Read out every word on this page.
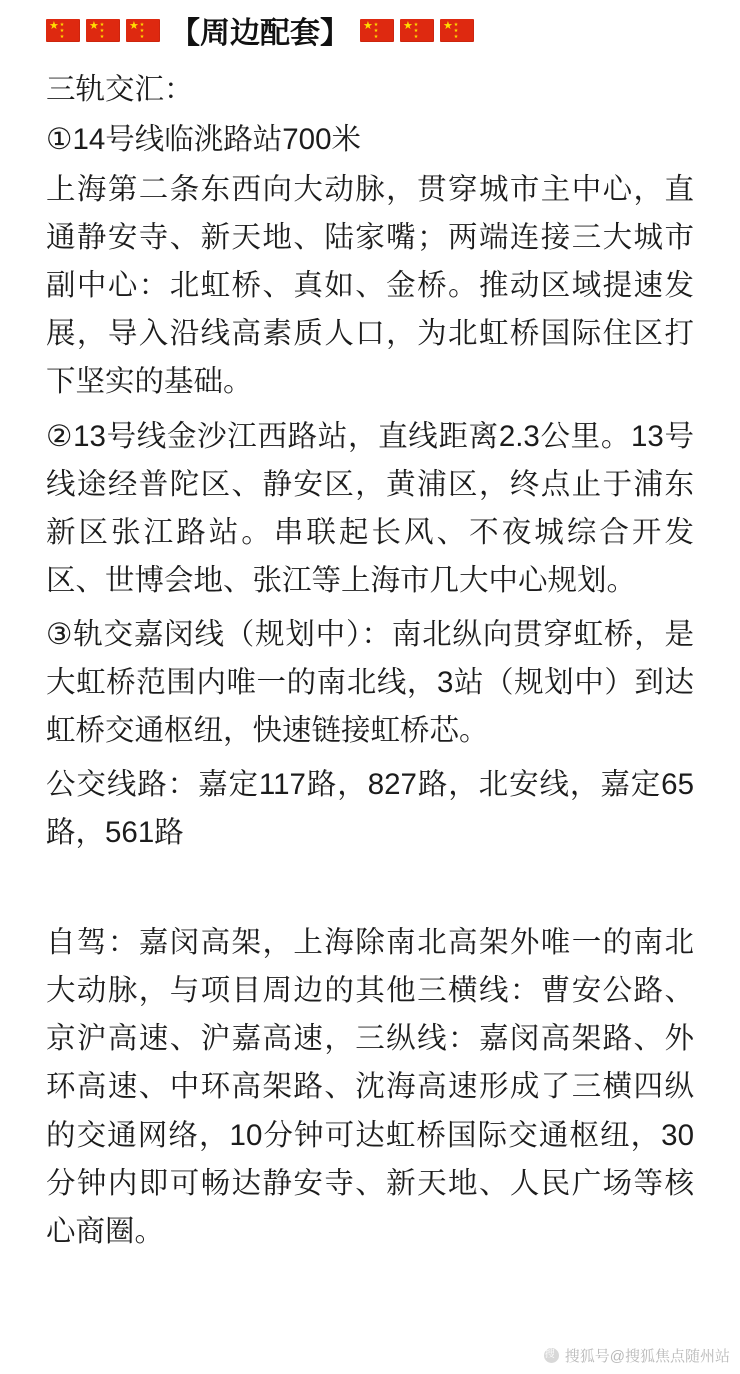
★ ★★★
★ ★★★
★ ★★★
【周边配套】
★ ★★★
★ ★★★
★ ★★★

三轨交汇：

①14号线临洮路站700米

上海第二条东西向大动脉，贯穿城市主中心，直通静安寺、新天地、陆家嘴；两端连接三大城市副中心：北虹桥、真如、金桥。推动区域提速发展，导入沿线高素质人口，为北虹桥国际住区打下坚实的基础。

②13号线金沙江西路站，直线距离2.3公里。13号线途经普陀区、静安区，黄浦区，终点止于浦东新区张江路站。串联起长风、不夜城综合开发区、世博会地、张江等上海市几大中心规划。

③轨交嘉闵线（规划中）：南北纵向贯穿虹桥，是大虹桥范围内唯一的南北线，3站（规划中）到达虹桥交通枢纽，快速链接虹桥芯。

公交线路：嘉定117路，827路，北安线，嘉定65路，561路

自驾：嘉闵高架，上海除南北高架外唯一的南北大动脉，与项目周边的其他三横线：曹安公路、京沪高速、沪嘉高速，三纵线：嘉闵高架路、外环高速、中环高架路、沈海高速形成了三横四纵的交通网络，10分钟可达虹桥国际交通枢纽，30分钟内即可畅达静安寺、新天地、人民广场等核心商圈。

搜
搜狐号@搜狐焦点随州站
